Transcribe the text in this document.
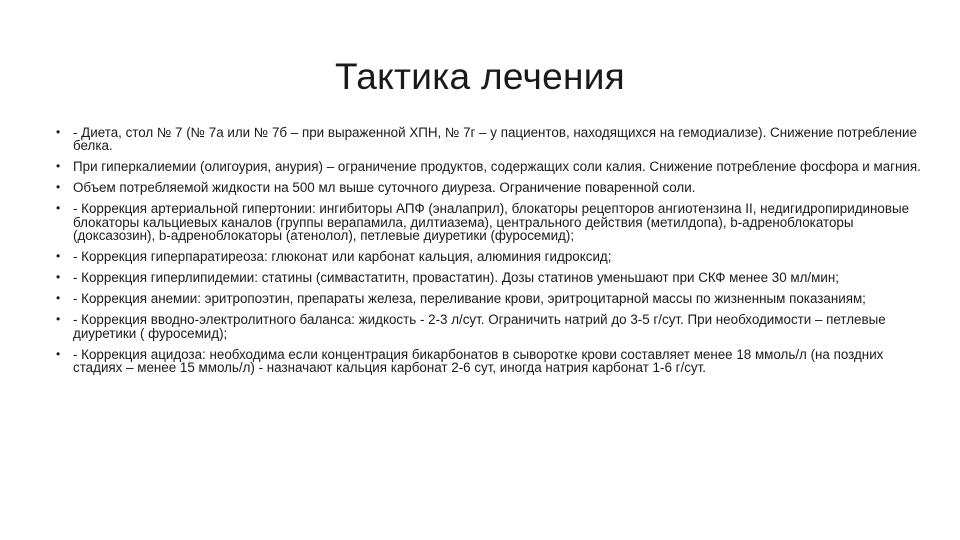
Тактика лечения
• - Диета, стол № 7 (№ 7а или № 7б – при выраженной ХПН, № 7г – у пациентов, находящихся на гемодиализе). Снижение потребление белка.
• При гиперкалиемии (олигоурия, анурия) – ограничение продуктов, содержащих соли калия. Снижение потребление фосфора и магния.
• Объем потребляемой жидкости на 500 мл выше суточного диуреза. Ограничение поваренной соли.
• - Коррекция артериальной гипертонии: ингибиторы АПФ (эналаприл), блокаторы рецепторов ангиотензина II, недигидропиридиновые блокаторы кальциевых каналов (группы верапамила, дилтиазема), центрального действия (метилдопа), b-адреноблокаторы (доксазозин), b-адреноблокаторы (атенолол), петлевые диуретики (фуросемид);
• - Коррекция гиперпаратиреоза: глюконат или карбонат кальция, алюминия гидроксид;
• - Коррекция гиперлипидемии: статины (симвастатитн, провастатин). Дозы статинов уменьшают при СКФ менее 30 мл/мин;
• - Коррекция анемии: эритропоэтин, препараты железа, переливание крови, эритроцитарной массы по жизненным показаниям;
• - Коррекция вводно-электролитного баланса: жидкость - 2-3 л/сут. Ограничить натрий до 3-5 г/сут. При необходимости – петлевые диуретики ( фуросемид);
• - Коррекция ацидоза: необходима если концентрация бикарбонатов в сыворотке крови составляет менее 18 ммоль/л (на поздних стадиях – менее 15 ммоль/л) - назначают кальция карбонат 2-6 сут, иногда натрия карбонат 1-6 г/сут.
